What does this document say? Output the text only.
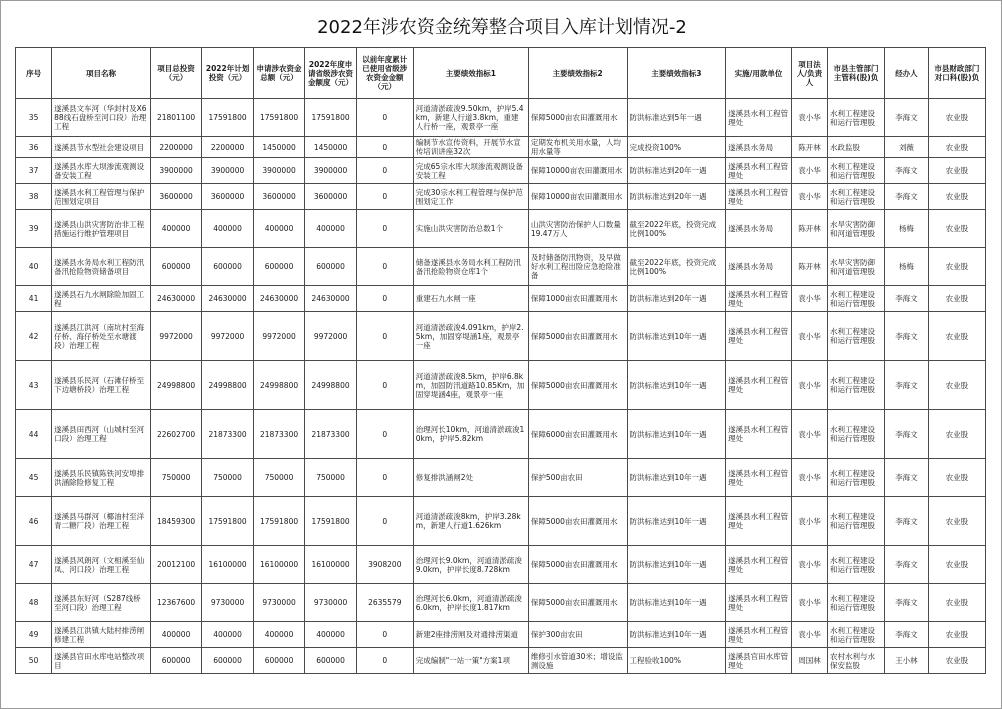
2022年涉农资金统筹整合项目入库计划情况-2
序号	项目名称	项目总投资（元）	2022年计划投资（元）	申请涉农资金总额（元）	2022年度申请省级涉农资金额度（元）	以前年度累计已使用省级涉农资金金额（元）	主要绩效指标1	主要绩效指标2	主要绩效指标3	实施/用款单位	项目法人/负责人	市县主管部门主管科(股)负	经办人	市县财政部门对口科(股)负
35	遂溪县文车河（华封村及X688线石盘桥至河口段）治理工程	21801100	17591800	17591800	17591800	0	河道清淤疏浚9.50km，护岸5.4km，新建人行道3.8km，重建人行桥一座，观景亭一座	保障5000亩农田灌溉用水	防洪标准达到5年一遇	遂溪县水利工程管理处	袁小华	水利工程建设和运行管理股	李海文	农业股
36	遂溪县节水型社会建设项目	2200000	2200000	1450000	1450000	0	编制节水宣传资料，开展节水宣传培训讲座32次	定期发布机关用水量，人均用水量等	完成投资100%	遂溪县水务局	陈开林	水政监股	刘薇	农业股
37	遂溪县水库大坝渗流观测设备安装工程	3900000	3900000	3900000	3900000	0	完成65宗水库大坝渗流观测设备安装工程	保障10000亩农田灌溉用水	防洪标准达到20年一遇	遂溪县水利工程管理处	袁小华	水利工程建设和运行管理股	李海文	农业股
38	遂溪县水利工程管理与保护范围划定项目	3600000	3600000	3600000	3600000	0	完成30宗水利工程管理与保护范围划定工作	保障10000亩农田灌溉用水	防洪标准达到20年一遇	遂溪县水利工程管理处	袁小华	水利工程建设和运行管理股	李海文	农业股
39	遂溪县山洪灾害防治非工程措施运行维护管理项目	400000	400000	400000	400000	0	实施山洪灾害防治总数1个	山洪灾害防治保护人口数量19.47万人	截至2022年底，投资完成比例100%	遂溪县水务局	陈开林	水旱灾害防御和河道管理股	杨梅	农业股
40	遂溪县水务局水利工程防汛备汛抢险物资储备项目	600000	600000	600000	600000	0	储备遂溪县水务局水利工程防汛备汛抢险物资仓库1个	及时储备防汛物资，及早做好水利工程出险应急抢险准备	截至2022年底，投资完成比例100%	遂溪县水务局	陈开林	水旱灾害防御和河道管理股	杨梅	农业股
41	遂溪县石九水闸除险加固工程	24630000	24630000	24630000	24630000	0	重建石九水闸一座	保障1000亩农田灌溉用水	防洪标准达到20年一遇	遂溪县水利工程管理处	袁小华	水利工程建设和运行管理股	李海文	农业股
42	遂溪县江洪河（南坑村至海仔桥、海仔桥处至水塘渡段）治理工程	9972000	9972000	9972000	9972000	0	河道清淤疏浚4.091km，护岸2.5km，加固穿堤涵1座，观景亭一座	保障5000亩农田灌溉用水	防洪标准达到10年一遇	遂溪县水利工程管理处	袁小华	水利工程建设和运行管理股	李海文	农业股
43	遂溪县乐民河（石滩仔桥至下边塘桥段）治理工程	24998800	24998800	24998800	24998800	0	河道清淤疏浚8.5km，护岸6.8km，加固防汛道路10.85Km，加固穿堤涵4座，观景亭一座	保障5000亩农田灌溉用水	防洪标准达到10年一遇	遂溪县水利工程管理处	袁小华	水利工程建设和运行管理股	李海文	农业股
44	遂溪县田西河（山城村至河口段）治理工程	22602700	21873300	21873300	21873300	0	治理河长10km，河道清淤疏浚10km，护岸5.82km	保障6000亩农田灌溉用水	防洪标准达到10年一遇	遂溪县水利工程管理处	袁小华	水利工程建设和运行管理股	李海文	农业股
45	遂溪县乐民镇陈铁河安埠排洪涵除险修复工程	750000	750000	750000	750000	0	修复排洪涵闸2处	保护500亩农田	防洪标准达到10年一遇	遂溪县水利工程管理处	袁小华	水利工程建设和运行管理股	李海文	农业股
46	遂溪县马群河（椰油村至洋青二糖厂段）治理工程	18459300	17591800	17591800	17591800	0	河道清淤疏浚8km，护岸3.28km，新建人行道1.626km	保障5000亩农田灌溉用水	防洪标准达到10年一遇	遂溪县水利工程管理处	袁小华	水利工程建设和运行管理股	李海文	农业股
47	遂溪县风朗河（文相溪至仙凤、河口段）治理工程	20012100	16100000	16100000	16100000	3908200	治理河长9.0km，河道清淤疏浚9.0km，护岸长度8.728km	保障5000亩农田灌溉用水	防洪标准达到10年一遇	遂溪县水利工程管理处	袁小华	水利工程建设和运行管理股	李海文	农业股
48	遂溪县东好河（S287线桥至河口段）治理工程	12367600	9730000	9730000	9730000	2635579	治理河长6.0km，河道清淤疏浚6.0km，护岸长度1.817km	保障5000亩农田灌溉用水	防洪标准达到10年一遇	遂溪县水利工程管理处	袁小华	水利工程建设和运行管理股	李海文	农业股
49	遂溪县江洪镇大陆村排涝闸修建工程	400000	400000	400000	400000	0	新建2座排涝闸及对通排涝渠道	保护300亩农田	防洪标准达到10年一遇	遂溪县水利工程管理处	袁小华	水利工程建设和运行管理股	李海文	农业股
50	遂溪县官田水库电站整改项目	600000	600000	600000	600000	0	完成编制"一站一策"方案1项	维修引水管道30米；增设监测设施	工程验收100%	遂溪县官田水库管理处	周国林	农村水利与水保安监股	王小林	农业股
